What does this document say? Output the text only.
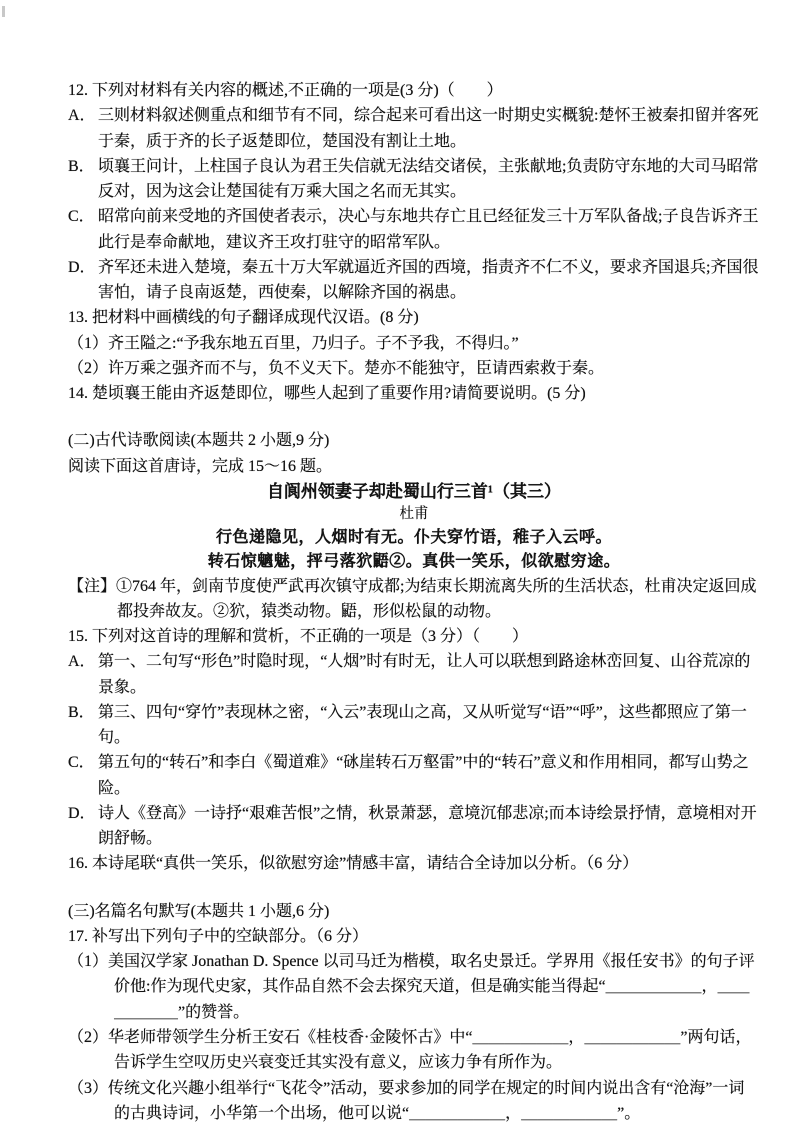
12. 下列对材料有关内容的概述,不正确的一项是(3 分)（　　）

A． 三则材料叙述侧重点和细节有不同，综合起来可看出这一时期史实概貌:楚怀王被秦扣留并客死于秦，质于齐的长子返楚即位，楚国没有割让土地。

B． 顷襄王问计，上柱国子良认为君王失信就无法结交诸侯，主张献地;负责防守东地的大司马昭常反对，因为这会让楚国徒有万乘大国之名而无其实。

C． 昭常向前来受地的齐国使者表示，决心与东地共存亡且已经征发三十万军队备战;子良告诉齐王此行是奉命献地，建议齐王攻打驻守的昭常军队。

D． 齐军还未进入楚境，秦五十万大军就逼近齐国的西境，指责齐不仁不义，要求齐国退兵;齐国很害怕，请子良南返楚，西使秦，以解除齐国的祸患。

13. 把材料中画横线的句子翻译成现代汉语。(8 分)

（1）齐王隘之:“予我东地五百里，乃归子。子不予我，不得归。”

（2）许万乘之强齐而不与，负不义天下。楚亦不能独守，臣请西索救于秦。

14. 楚顷襄王能由齐返楚即位，哪些人起到了重要作用?请简要说明。(5 分)

(二)古代诗歌阅读(本题共 2 小题,9 分)

阅读下面这首唐诗，完成 15～16 题。

自阆州领妻子却赴蜀山行三首¹（其三）

杜甫

行色递隐见，人烟时有无。仆夫穿竹语，稚子入云呼。

转石惊魑魅，抨弓落狖鼯②。真供一笑乐，似欲慰穷途。

【注】①764 年，剑南节度使严武再次镇守成都;为结束长期流离失所的生活状态，杜甫决定返回成都投奔故友。②狖，猿类动物。鼯，形似松鼠的动物。

15. 下列对这首诗的理解和赏析，不正确的一项是（3 分）（　　）

A． 第一、二句写“形色”时隐时现，“人烟”时有时无，让人可以联想到路途林峦回复、山谷荒凉的景象。

B． 第三、四句“穿竹”表现林之密，“入云”表现山之高，又从听觉写“语”“呼”，这些都照应了第一句。

C． 第五句的“转石”和李白《蜀道难》“砯崖转石万壑雷”中的“转石”意义和作用相同，都写山势之险。

D． 诗人《登高》一诗抒“艰难苦恨”之情，秋景萧瑟，意境沉郁悲凉;而本诗绘景抒情，意境相对开朗舒畅。

16. 本诗尾联“真供一笑乐，似欲慰穷途”情感丰富，请结合全诗加以分析。（6 分）

(三)名篇名句默写(本题共 1 小题,6 分)

17. 补写出下列句子中的空缺部分。（6 分）

（1）美国汉学家 Jonathan D. Spence 以司马迁为楷模，取名史景迁。学界用《报任安书》的句子评价他:作为现代史家，其作品自然不会去探究天道，但是确实能当得起“＿＿＿＿＿＿，＿＿＿＿＿＿”的赞誉。

（2）华老师带领学生分析王安石《桂枝香·金陵怀古》中“＿＿＿＿＿＿，＿＿＿＿＿＿”两句话，告诉学生空叹历史兴衰变迁其实没有意义，应该力争有所作为。

（3）传统文化兴趣小组举行“飞花令”活动，要求参加的同学在规定的时间内说出含有“沧海”一词的古典诗词，小华第一个出场，他可以说“＿＿＿＿＿＿，＿＿＿＿＿＿”。
